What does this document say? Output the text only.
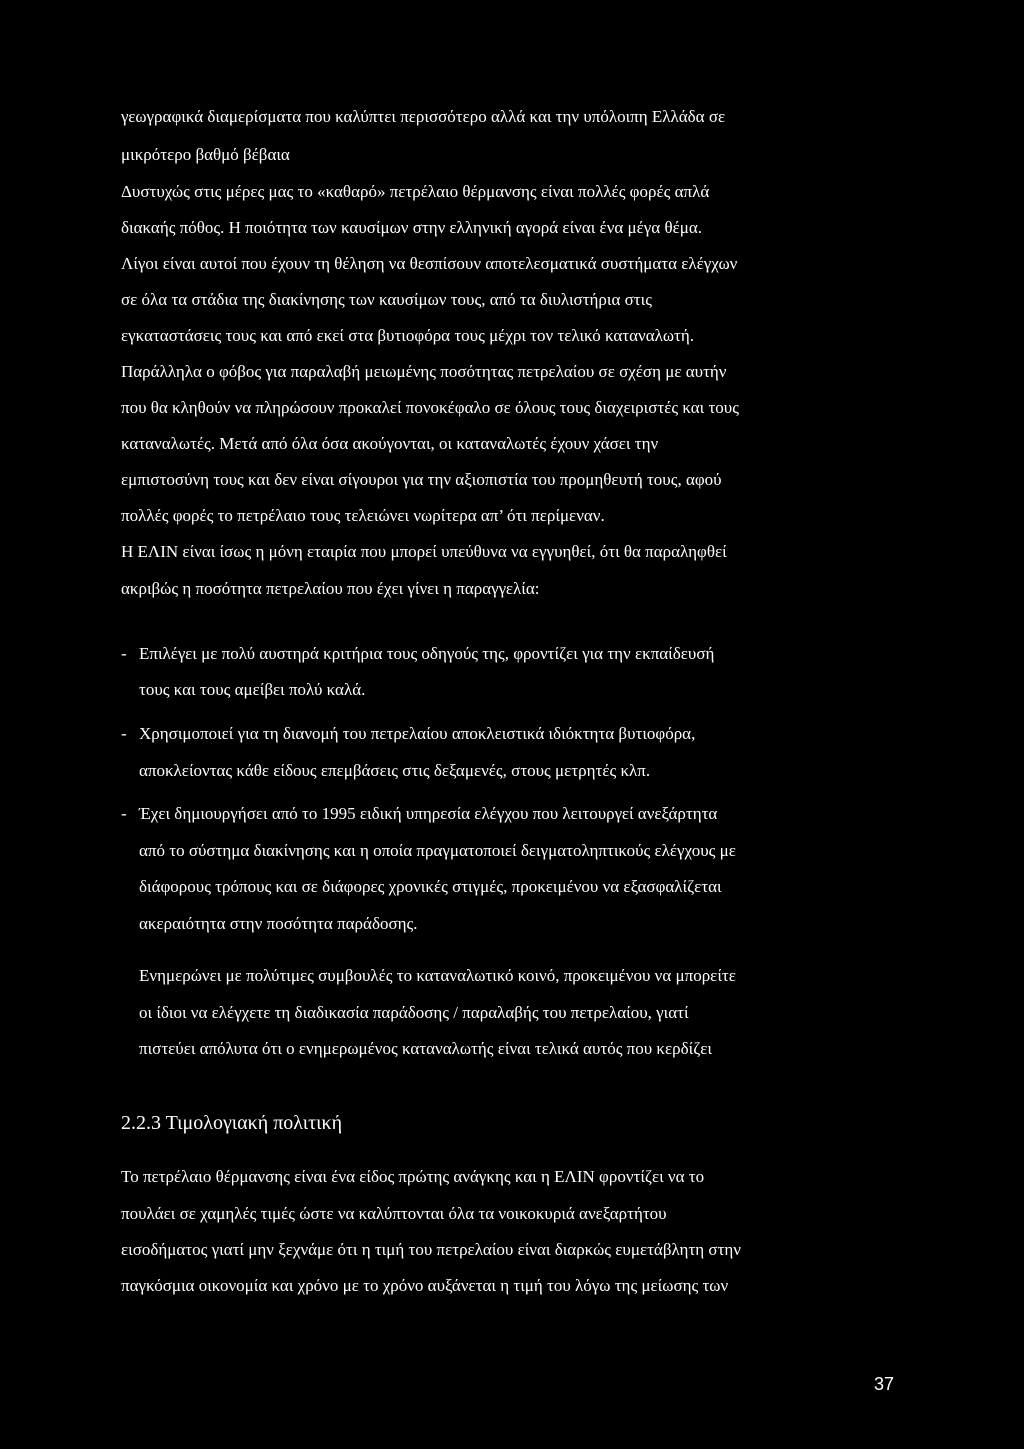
γεωγραφικά διαμερίσματα που καλύπτει περισσότερο αλλά και την υπόλοιπη Ελλάδα σε
μικρότερο βαθμό βέβαια
Δυστυχώς στις μέρες μας το «καθαρό» πετρέλαιο θέρμανσης είναι πολλές φορές απλά
διακαής πόθος. Η ποιότητα των καυσίμων στην ελληνική αγορά είναι ένα μέγα θέμα.
Λίγοι είναι αυτοί που έχουν τη θέληση να θεσπίσουν αποτελεσματικά συστήματα ελέγχων
σε όλα τα στάδια της διακίνησης των καυσίμων τους, από τα διυλιστήρια στις
εγκαταστάσεις τους και από εκεί στα βυτιοφόρα τους μέχρι τον τελικό καταναλωτή.
Παράλληλα ο φόβος για παραλαβή μειωμένης ποσότητας πετρελαίου σε σχέση με αυτήν
που θα κληθούν να πληρώσουν προκαλεί πονοκέφαλο σε όλους τους διαχειριστές και τους
καταναλωτές. Μετά από όλα όσα ακούγονται, οι καταναλωτές έχουν χάσει την
εμπιστοσύνη τους και δεν είναι σίγουροι για την αξιοπιστία του προμηθευτή τους, αφού
πολλές φορές το πετρέλαιο τους τελειώνει νωρίτερα απ’ ότι περίμεναν.
Η ΕΛΙΝ είναι ίσως η μόνη εταιρία που μπορεί υπεύθυνα να εγγυηθεί, ότι θα παραληφθεί
ακριβώς η ποσότητα πετρελαίου που έχει γίνει η παραγγελία:
- Επιλέγει με πολύ αυστηρά κριτήρια τους οδηγούς της, φροντίζει για την εκπαίδευσή
τους και τους αμείβει πολύ καλά.
- Χρησιμοποιεί για τη διανομή του πετρελαίου αποκλειστικά ιδιόκτητα βυτιοφόρα,
αποκλείοντας κάθε είδους επεμβάσεις στις δεξαμενές, στους μετρητές κλπ.
- Έχει δημιουργήσει από το 1995 ειδική υπηρεσία ελέγχου που λειτουργεί ανεξάρτητα
από το σύστημα διακίνησης και η οποία πραγματοποιεί δειγματοληπτικούς ελέγχους με
διάφορους τρόπους και σε διάφορες χρονικές στιγμές, προκειμένου να εξασφαλίζεται
ακεραιότητα στην ποσότητα παράδοσης.
Ενημερώνει με πολύτιμες συμβουλές το καταναλωτικό κοινό, προκειμένου να μπορείτε
οι ίδιοι να ελέγχετε τη διαδικασία παράδοσης / παραλαβής του πετρελαίου, γιατί
πιστεύει απόλυτα ότι ο ενημερωμένος καταναλωτής είναι τελικά αυτός που κερδίζει
2.2.3 Τιμολογιακή πολιτική
Το πετρέλαιο θέρμανσης είναι ένα είδος πρώτης ανάγκης και η ΕΛΙΝ φροντίζει να το
πουλάει σε χαμηλές τιμές ώστε να καλύπτονται όλα τα νοικοκυριά ανεξαρτήτου
εισοδήματος γιατί μην ξεχνάμε ότι η τιμή του πετρελαίου είναι διαρκώς ευμετάβλητη στην
παγκόσμια οικονομία και χρόνο με το χρόνο αυξάνεται η τιμή του λόγω της μείωσης των
37
